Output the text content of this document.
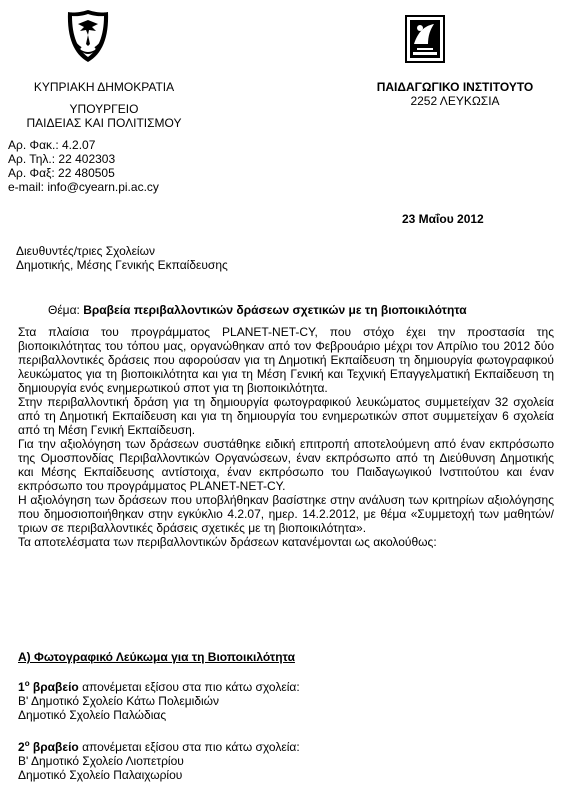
ΚΥΠΡΙΑΚΗ ΔΗΜΟΚΡΑΤΙΑ
ΥΠΟΥΡΓΕΙΟ
ΠΑΙΔΕΙΑΣ ΚΑΙ ΠΟΛΙΤΙΣΜΟΥ
ΠΑΙΔΑΓΩΓΙΚΟ ΙΝΣΤΙΤΟΥΤΟ
2252 ΛΕΥΚΩΣΙΑ
Αρ. Φακ.: 4.2.07
Αρ. Τηλ.: 22 402303
Αρ. Φαξ: 22 480505
e-mail: info@cyearn.pi.ac.cy
23 Μαΐου 2012
Διευθυντές/τριες Σχολείων
Δημοτικής, Μέσης Γενικής Εκπαίδευσης
Θέμα: Βραβεία περιβαλλοντικών δράσεων σχετικών με τη βιοποικιλότητα

Στα πλαίσια του προγράμματος PLANET-NET-CY, που στόχο έχει την προστασία της βιοποικιλότητας του τόπου μας, οργανώθηκαν από τον Φεβρουάριο μέχρι τον Απρίλιο του 2012 δύο περιβαλλοντικές δράσεις που αφορούσαν για τη Δημοτική Εκπαίδευση τη δημιουργία φωτογραφικού λευκώματος για τη βιοποικιλότητα και για τη Μέση Γενική και Τεχνική Επαγγελματική Εκπαίδευση τη δημιουργία ενός ενημερωτικού σποτ για τη βιοποικιλότητα.

Στην περιβαλλοντική δράση για τη δημιουργία φωτογραφικού λευκώματος συμμετείχαν 32 σχολεία από τη Δημοτική Εκπαίδευση και για τη δημιουργία του ενημερωτικών σποτ συμμετείχαν 6 σχολεία από τη Μέση Γενική Εκπαίδευση.

Για την αξιολόγηση των δράσεων συστάθηκε ειδική επιτροπή αποτελούμενη από έναν εκπρόσωπο της Ομοσπονδίας Περιβαλλοντικών Οργανώσεων, έναν εκπρόσωπο από τη Διεύθυνση Δημοτικής και Μέσης Εκπαίδευσης αντίστοιχα, έναν εκπρόσωπο του Παιδαγωγικού Ινστιτούτου και έναν εκπρόσωπο του προγράμματος PLANET-NET-CY.

Η αξιολόγηση των δράσεων που υποβλήθηκαν βασίστηκε στην ανάλυση των κριτηρίων αξιολόγησης που δημοσιοποιήθηκαν στην εγκύκλιο 4.2.07, ημερ. 14.2.2012, με θέμα «Συμμετοχή των μαθητών/τριων σε περιβαλλοντικές δράσεις σχετικές με τη βιοποικιλότητα».

Τα αποτελέσματα των περιβαλλοντικών δράσεων κατανέμονται ως ακολούθως:

Α) Φωτογραφικό Λεύκωμα για τη Βιοποικιλότητα
$1^o$ βραβείο απονέμεται εξίσου στα πιο κάτω σχολεία:
Β' Δημοτικό Σχολείο Κάτω Πολεμιδιών
Δημοτικό Σχολείο Παλώδιας
$2^o$ βραβείο απονέμεται εξίσου στα πιο κάτω σχολεία:
Β' Δημοτικό Σχολείο Λιοπετρίου
Δημοτικό Σχολείο Παλαιχωρίου
